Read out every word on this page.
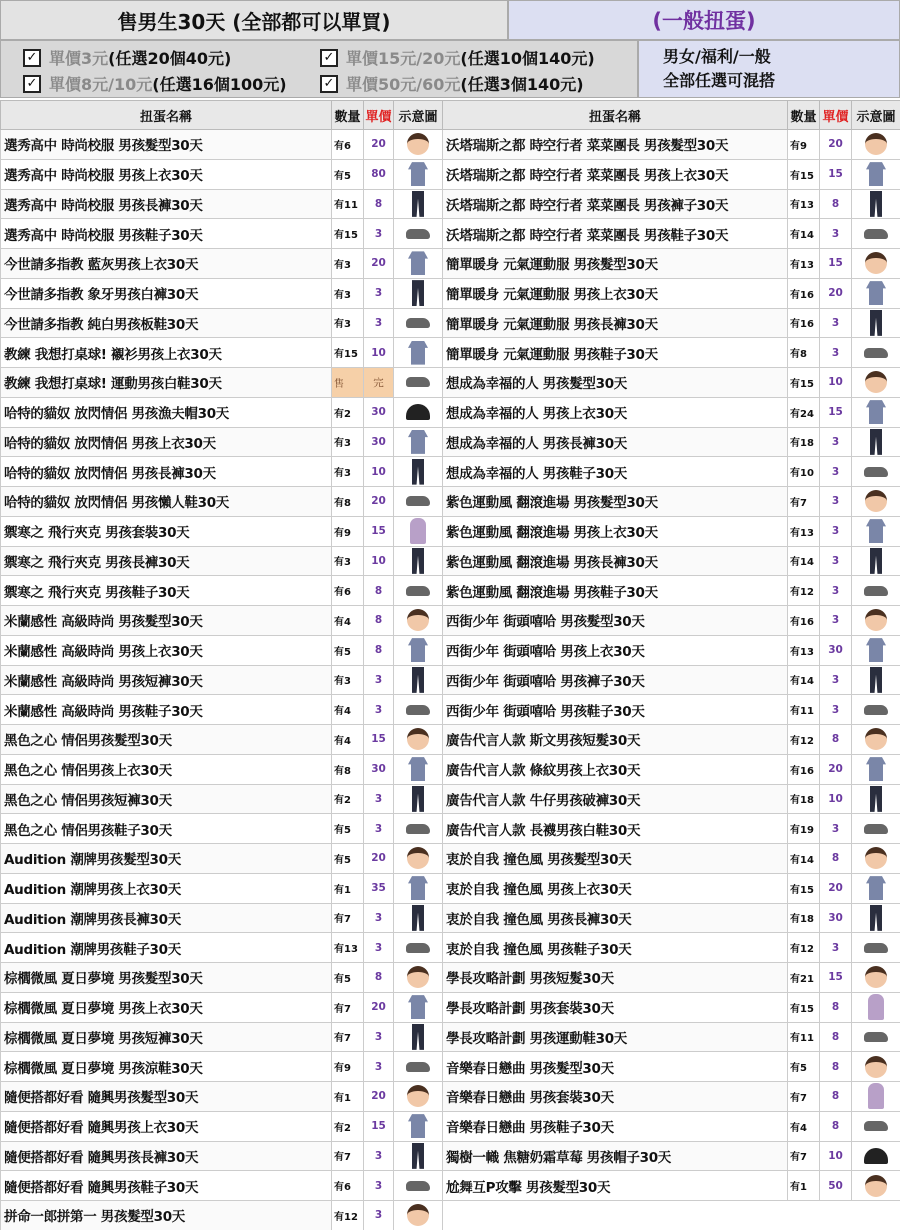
售男生30天 (全部都可以單買)	(一般扭蛋)
✓ 單價3元 (任選20個40元)	✓ 單價15元/20元 (任選10個140元)
✓ 單價8元/10元 (任選16個100元)	✓ 單價50元/60元 (任選3個140元)
男女/福利/一般
全部任選可混搭
扭蛋名稱	數量	單價	示意圖
選秀高中 時尚校服 男孩髮型30天	有6	20	
選秀高中 時尚校服 男孩上衣30天	有5	80	
選秀高中 時尚校服 男孩長褲30天	有11	8	
選秀高中 時尚校服 男孩鞋子30天	有15	3	
今世請多指教 藍灰男孩上衣30天	有3	20	
今世請多指教 象牙男孩白褲30天	有3	3	
今世請多指教 純白男孩板鞋30天	有3	3	
教練 我想打桌球! 襯衫男孩上衣30天	有15	10	
教練 我想打桌球! 運動男孩白鞋30天	售	完	
哈特的貓奴 放閃情侶 男孩漁夫帽30天	有2	30	
哈特的貓奴 放閃情侶 男孩上衣30天	有3	30	
哈特的貓奴 放閃情侶 男孩長褲30天	有3	10	
哈特的貓奴 放閃情侶 男孩懶人鞋30天	有8	20	
禦寒之 飛行夾克 男孩套裝30天	有9	15	
禦寒之 飛行夾克 男孩長褲30天	有3	10	
禦寒之 飛行夾克 男孩鞋子30天	有6	8	
米蘭感性 高級時尚 男孩髮型30天	有4	8	
米蘭感性 高級時尚 男孩上衣30天	有5	8	
米蘭感性 高級時尚 男孩短褲30天	有3	3	
米蘭感性 高級時尚 男孩鞋子30天	有4	3	
黑色之心 情侶男孩髮型30天	有4	15	
黑色之心 情侶男孩上衣30天	有8	30	
黑色之心 情侶男孩短褲30天	有2	3	
黑色之心 情侶男孩鞋子30天	有5	3	
Audition 潮牌男孩髮型30天	有5	20	
Audition 潮牌男孩上衣30天	有1	35	
Audition 潮牌男孩長褲30天	有7	3	
Audition 潮牌男孩鞋子30天	有13	3	
棕櫚微風 夏日夢境 男孩髮型30天	有5	8	
棕櫚微風 夏日夢境 男孩上衣30天	有7	20	
棕櫚微風 夏日夢境 男孩短褲30天	有7	3	
棕櫚微風 夏日夢境 男孩涼鞋30天	有9	3	
隨便搭都好看 隨興男孩髮型30天	有1	20	
隨便搭都好看 隨興男孩上衣30天	有2	15	
隨便搭都好看 隨興男孩長褲30天	有7	3	
隨便搭都好看 隨興男孩鞋子30天	有6	3	
拼命一郎拼第一 男孩髮型30天	有12	3	
扭蛋名稱	數量	單價	示意圖
沃塔瑞斯之都 時空行者 菜菜團長 男孩髮型30天	有9	20	
沃塔瑞斯之都 時空行者 菜菜團長 男孩上衣30天	有15	15	
沃塔瑞斯之都 時空行者 菜菜團長 男孩褲子30天	有13	8	
沃塔瑞斯之都 時空行者 菜菜團長 男孩鞋子30天	有14	3	
簡單暖身 元氣運動服 男孩髮型30天	有13	15	
簡單暖身 元氣運動服 男孩上衣30天	有16	20	
簡單暖身 元氣運動服 男孩長褲30天	有16	3	
簡單暖身 元氣運動服 男孩鞋子30天	有8	3	
想成為幸福的人 男孩髮型30天	有15	10	
想成為幸福的人 男孩上衣30天	有24	15	
想成為幸福的人 男孩長褲30天	有18	3	
想成為幸福的人 男孩鞋子30天	有10	3	
紫色運動風 翻滾進場 男孩髮型30天	有7	3	
紫色運動風 翻滾進場 男孩上衣30天	有13	3	
紫色運動風 翻滾進場 男孩長褲30天	有14	3	
紫色運動風 翻滾進場 男孩鞋子30天	有12	3	
西街少年 街頭嘻哈 男孩髮型30天	有16	3	
西街少年 街頭嘻哈 男孩上衣30天	有13	30	
西街少年 街頭嘻哈 男孩褲子30天	有14	3	
西街少年 街頭嘻哈 男孩鞋子30天	有11	3	
廣告代言人款 斯文男孩短髮30天	有12	8	
廣告代言人款 條紋男孩上衣30天	有16	20	
廣告代言人款 牛仔男孩破褲30天	有18	10	
廣告代言人款 長襪男孩白鞋30天	有19	3	
衷於自我 撞色風 男孩髮型30天	有14	8	
衷於自我 撞色風 男孩上衣30天	有15	20	
衷於自我 撞色風 男孩長褲30天	有18	30	
衷於自我 撞色風 男孩鞋子30天	有12	3	
學長攻略計劃 男孩短髮30天	有21	15	
學長攻略計劃 男孩套裝30天	有15	8	
學長攻略計劃 男孩運動鞋30天	有11	8	
音樂春日戀曲 男孩髮型30天	有5	8	
音樂春日戀曲 男孩套裝30天	有7	8	
音樂春日戀曲 男孩鞋子30天	有4	8	
獨樹一幟 焦糖奶霜草莓 男孩帽子30天	有7	10	
尬舞互P攻擊 男孩髮型30天	有1	50	
